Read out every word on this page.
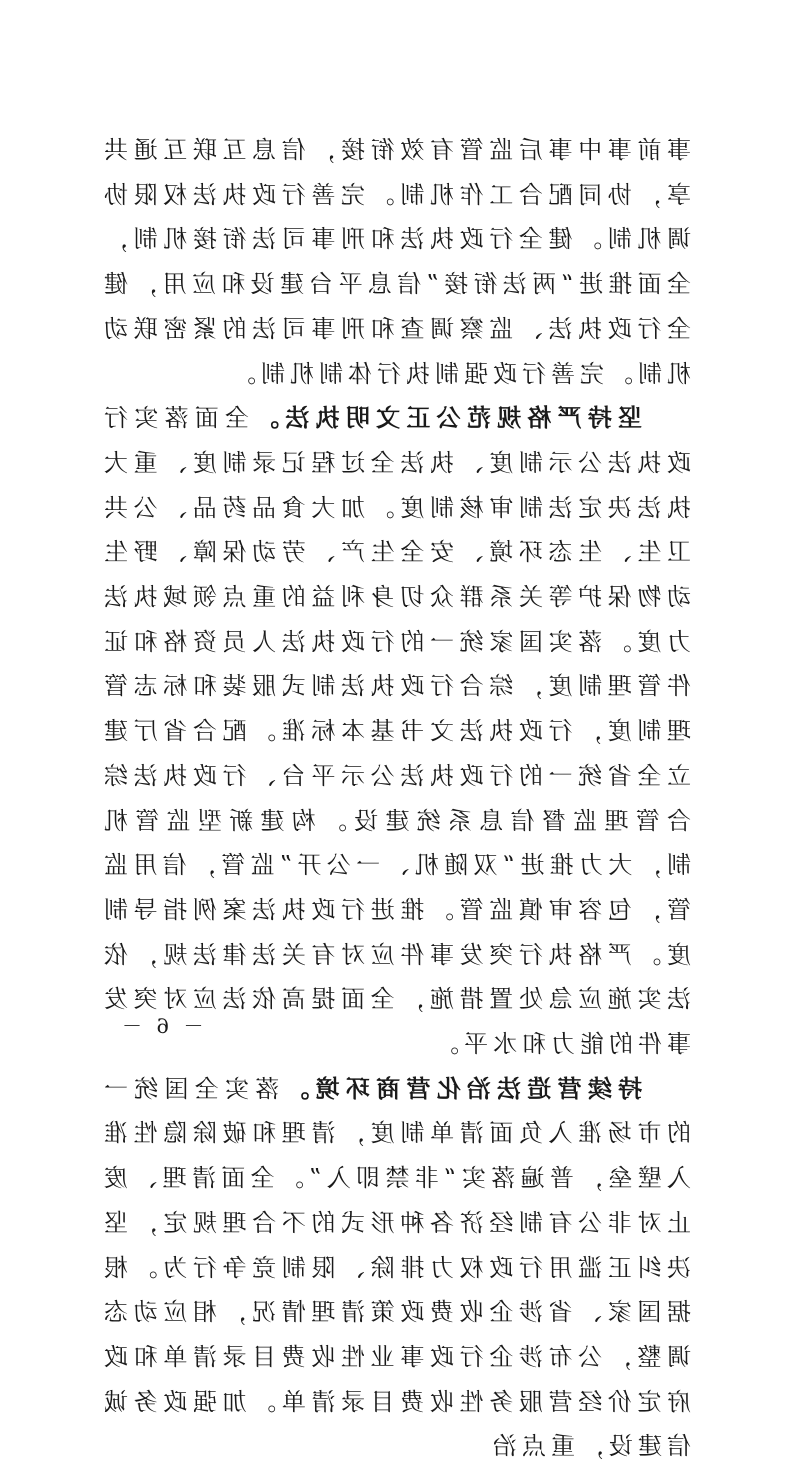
事前事中事后监管有效衔接，信息互联互通共享，协同配合工作机制。完善行政执法权限协调机制。健全行政执法和刑事司法衔接机制，全面推进“两法衔接”信息平台建设和应用，健全行政执法、监察调查和刑事司法的紧密联动机制。完善行政强制执行体制机制。

坚持严格规范公正文明执法。全面落实行政执法公示制度、执法全过程记录制度、重大执法决定法制审核制度。加大食品药品、公共卫生、生态环境、安全生产、劳动保障、野生动物保护等关系群众切身利益的重点领域执法力度。落实国家统一的行政执法人员资格和证件管理制度，综合行政执法制式服装和标志管理制度，行政执法文书基本标准。配合省厅建立全省统一的行政执法公示平台、行政执法综合管理监督信息系统建设。构建新型监管机制，大力推进“双随机、一公开”监管，信用监管，包容审慎监管。推进行政执法案例指导制度。严格执行突发事件应对有关法律法规，依法实施应急处置措施，全面提高依法应对突发事件的能力和水平。

持续营造法治化营商环境。落实全国统一的市场准入负面清单制度，清理和破除隐性准入壁垒，普遍落实“非禁即入”。全面清理、废止对非公有制经济各种形式的不合理规定，坚决纠正滥用行政权力排除、限制竞争行为。根据国家、省涉企收费政策清理情况，相应动态调整，公布涉企行政事业性收费目录清单和政府定价经营服务性收费目录清单。加强政务诚信建设，重点治

－ 6 －
